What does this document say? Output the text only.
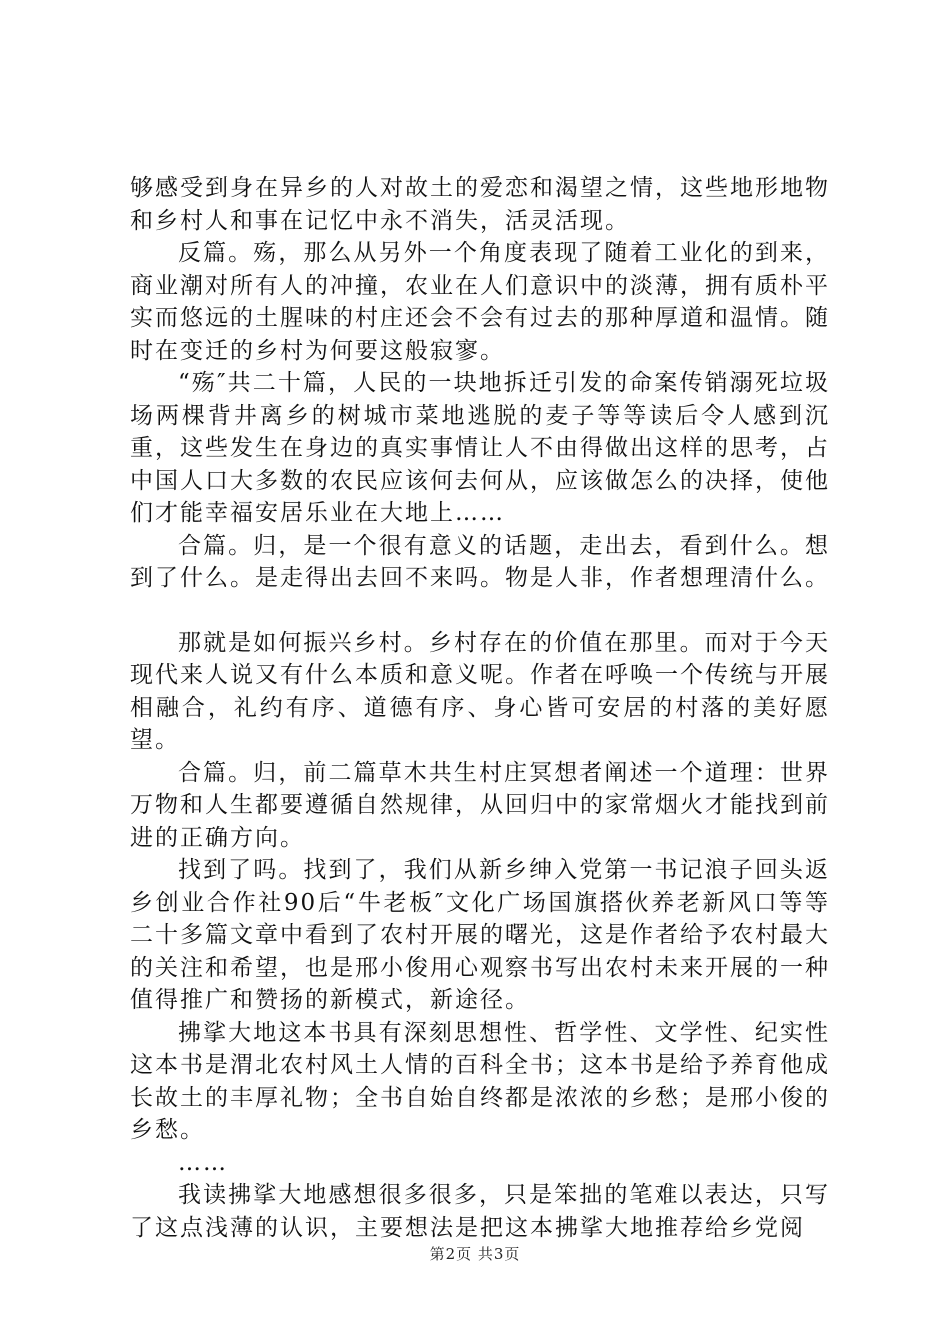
够感受到身在异乡的人对故土的爱恋和渴望之情，这些地形地物和乡村人和事在记忆中永不消失，活灵活现。

反篇。殇，那么从另外一个角度表现了随着工业化的到来，商业潮对所有人的冲撞，农业在人们意识中的淡薄，拥有质朴平实而悠远的土腥味的村庄还会不会有过去的那种厚道和温情。随时在变迁的乡村为何要这般寂寥。

“殇″共二十篇，人民的一块地拆迁引发的命案传销溺死垃圾场两棵背井离乡的树城市菜地逃脱的麦子等等读后令人感到沉重，这些发生在身边的真实事情让人不由得做出这样的思考，占中国人口大多数的农民应该何去何从，应该做怎么的决择，使他们才能幸福安居乐业在大地上……

合篇。归，是一个很有意义的话题，走出去，看到什么。想到了什么。是走得出去回不来吗。物是人非，作者想理清什么。

那就是如何振兴乡村。乡村存在的价值在那里。而对于今天现代来人说又有什么本质和意义呢。作者在呼唤一个传统与开展相融合，礼约有序、道德有序、身心皆可安居的村落的美好愿望。

合篇。归，前二篇草木共生村庄冥想者阐述一个道理：世界万物和人生都要遵循自然规律，从回归中的家常烟火才能找到前进的正确方向。

找到了吗。找到了，我们从新乡绅入党第一书记浪子回头返乡创业合作社90后“牛老板″文化广场国旗搭伙养老新风口等等二十多篇文章中看到了农村开展的曙光，这是作者给予农村最大的关注和希望，也是邢小俊用心观察书写出农村未来开展的一种值得推广和赞扬的新模式，新途径。

拂挲大地这本书具有深刻思想性、哲学性、文学性、纪实性这本书是渭北农村风土人情的百科全书；这本书是给予养育他成长故土的丰厚礼物；全书自始自终都是浓浓的乡愁；是邢小俊的乡愁。

……

我读拂挲大地感想很多很多，只是笨拙的笔难以表达，只写了这点浅薄的认识，主要想法是把这本拂挲大地推荐给乡党阅

第2页 共3页
